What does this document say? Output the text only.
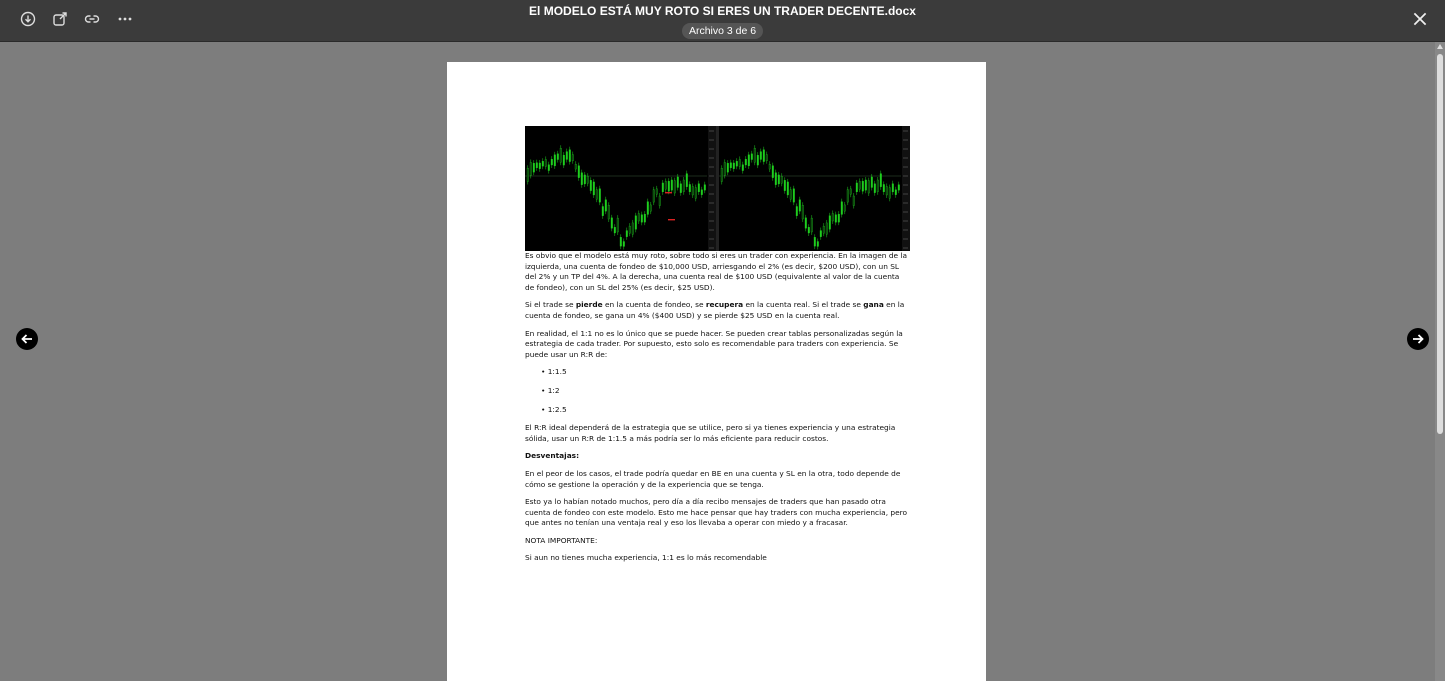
El MODELO ESTÁ MUY ROTO SI ERES UN TRADER DECENTE.docx
Archivo 3 de 6

Es obvio que el modelo está muy roto, sobre todo si eres un trader con experiencia. En la imagen de la izquierda, una cuenta de fondeo de $10,000 USD, arriesgando el 2% (es decir, $200 USD), con un SL del 2% y un TP del 4%. A la derecha, una cuenta real de $100 USD (equivalente al valor de la cuenta de fondeo), con un SL del 25% (es decir, $25 USD).

Si el trade se pierde en la cuenta de fondeo, se recupera en la cuenta real. Si el trade se gana en la cuenta de fondeo, se gana un 4% ($400 USD) y se pierde $25 USD en la cuenta real.

En realidad, el 1:1 no es lo único que se puede hacer. Se pueden crear tablas personalizadas según la estrategia de cada trader. Por supuesto, esto solo es recomendable para traders con experiencia. Se puede usar un R:R de:

• 1:1.5
• 1:2
• 1:2.5

El R:R ideal dependerá de la estrategia que se utilice, pero si ya tienes experiencia y una estrategia sólida, usar un R:R de 1:1.5 a más podría ser lo más eficiente para reducir costos.

Desventajas:

En el peor de los casos, el trade podría quedar en BE en una cuenta y SL en la otra, todo depende de cómo se gestione la operación y de la experiencia que se tenga.

Esto ya lo habían notado muchos, pero día a día recibo mensajes de traders que han pasado otra cuenta de fondeo con este modelo. Esto me hace pensar que hay traders con mucha experiencia, pero que antes no tenían una ventaja real y eso los llevaba a operar con miedo y a fracasar.

NOTA IMPORTANTE:

Si aun no tienes mucha experiencia, 1:1 es lo más recomendable
